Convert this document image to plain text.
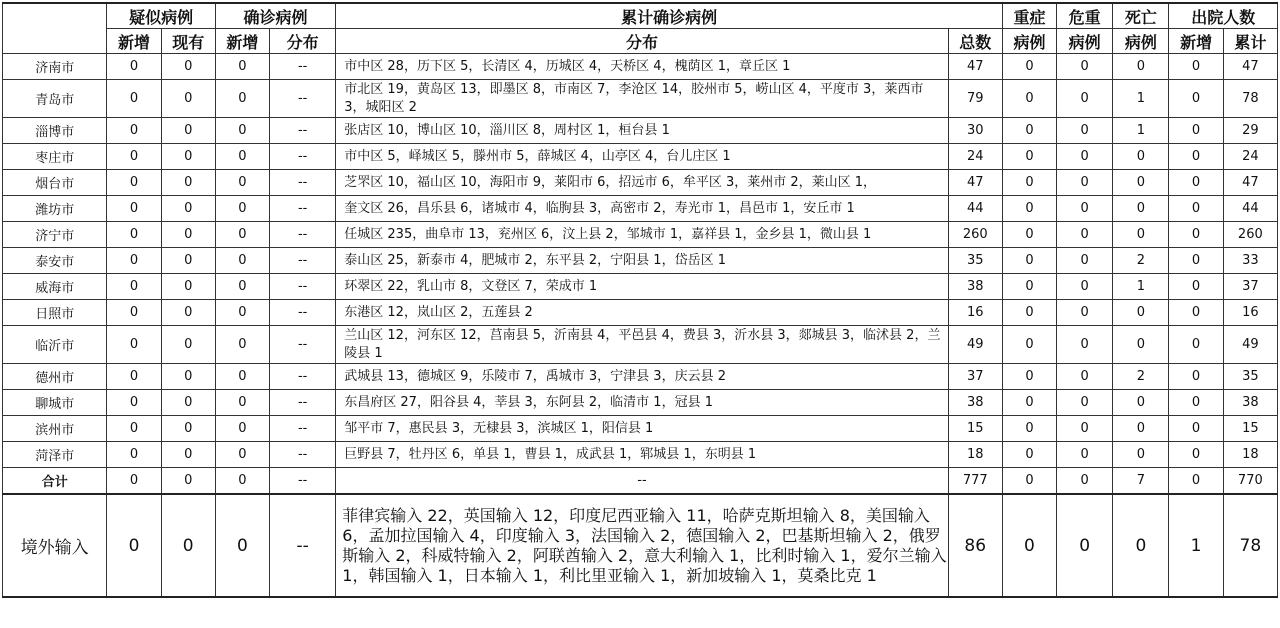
	疑似病例		确诊病例		累计确诊病例		重症	危重	死亡	出院人数	
	新增	现有	新增	分布	分布	总数	病例	病例	病例	新增	累计
济南市	0	0	0	--	市中区 28，历下区 5，长清区 4，历城区 4，天桥区 4，槐荫区 1，章丘区 1	47	0	0	0	0	47
青岛市	0	0	0	--	市北区 19，黄岛区 13，即墨区 8，市南区 7，李沧区 14，胶州市 5，崂山区 4，平度市 3，莱西市 3，城阳区 2	79	0	0	1	0	78
淄博市	0	0	0	--	张店区 10，博山区 10，淄川区 8，周村区 1，桓台县 1	30	0	0	1	0	29
枣庄市	0	0	0	--	市中区 5，峄城区 5，滕州市 5，薛城区 4，山亭区 4，台儿庄区 1	24	0	0	0	0	24
烟台市	0	0	0	--	芝罘区 10，福山区 10，海阳市 9，莱阳市 6，招远市 6，牟平区 3，莱州市 2，莱山区 1，	47	0	0	0	0	47
潍坊市	0	0	0	--	奎文区 26，昌乐县 6，诸城市 4，临朐县 3，高密市 2，寿光市 1，昌邑市 1，安丘市 1	44	0	0	0	0	44
济宁市	0	0	0	--	任城区 235，曲阜市 13，兖州区 6，汶上县 2，邹城市 1，嘉祥县 1，金乡县 1，微山县 1	260	0	0	0	0	260
泰安市	0	0	0	--	泰山区 25，新泰市 4，肥城市 2，东平县 2，宁阳县 1，岱岳区 1	35	0	0	2	0	33
威海市	0	0	0	--	环翠区 22，乳山市 8，文登区 7，荣成市 1	38	0	0	1	0	37
日照市	0	0	0	--	东港区 12，岚山区 2，五莲县 2	16	0	0	0	0	16
临沂市	0	0	0	--	兰山区 12，河东区 12，莒南县 5，沂南县 4，平邑县 4，费县 3，沂水县 3，郯城县 3，临沭县 2，兰陵县 1	49	0	0	0	0	49
德州市	0	0	0	--	武城县 13，德城区 9，乐陵市 7，禹城市 3，宁津县 3，庆云县 2	37	0	0	2	0	35
聊城市	0	0	0	--	东昌府区 27，阳谷县 4，莘县 3，东阿县 2，临清市 1，冠县 1	38	0	0	0	0	38
滨州市	0	0	0	--	邹平市 7，惠民县 3，无棣县 3，滨城区 1，阳信县 1	15	0	0	0	0	15
菏泽市	0	0	0	--	巨野县 7，牡丹区 6，单县 1，曹县 1，成武县 1，郓城县 1，东明县 1	18	0	0	0	0	18
合计	0	0	0	--	--	777	0	0	7	0	770
境外输入	0	0	0	--	菲律宾输入 22，英国输入 12，印度尼西亚输入 11，哈萨克斯坦输入 8，美国输入 6，孟加拉国输入 4，印度输入 3，法国输入 2，德国输入 2，巴基斯坦输入 2，俄罗斯输入 2，科威特输入 2，阿联酋输入 2，意大利输入 1，比利时输入 1，爱尔兰输入 1，韩国输入 1，日本输入 1，利比里亚输入 1，新加坡输入 1，莫桑比克 1	86	0	0	0	1	78
